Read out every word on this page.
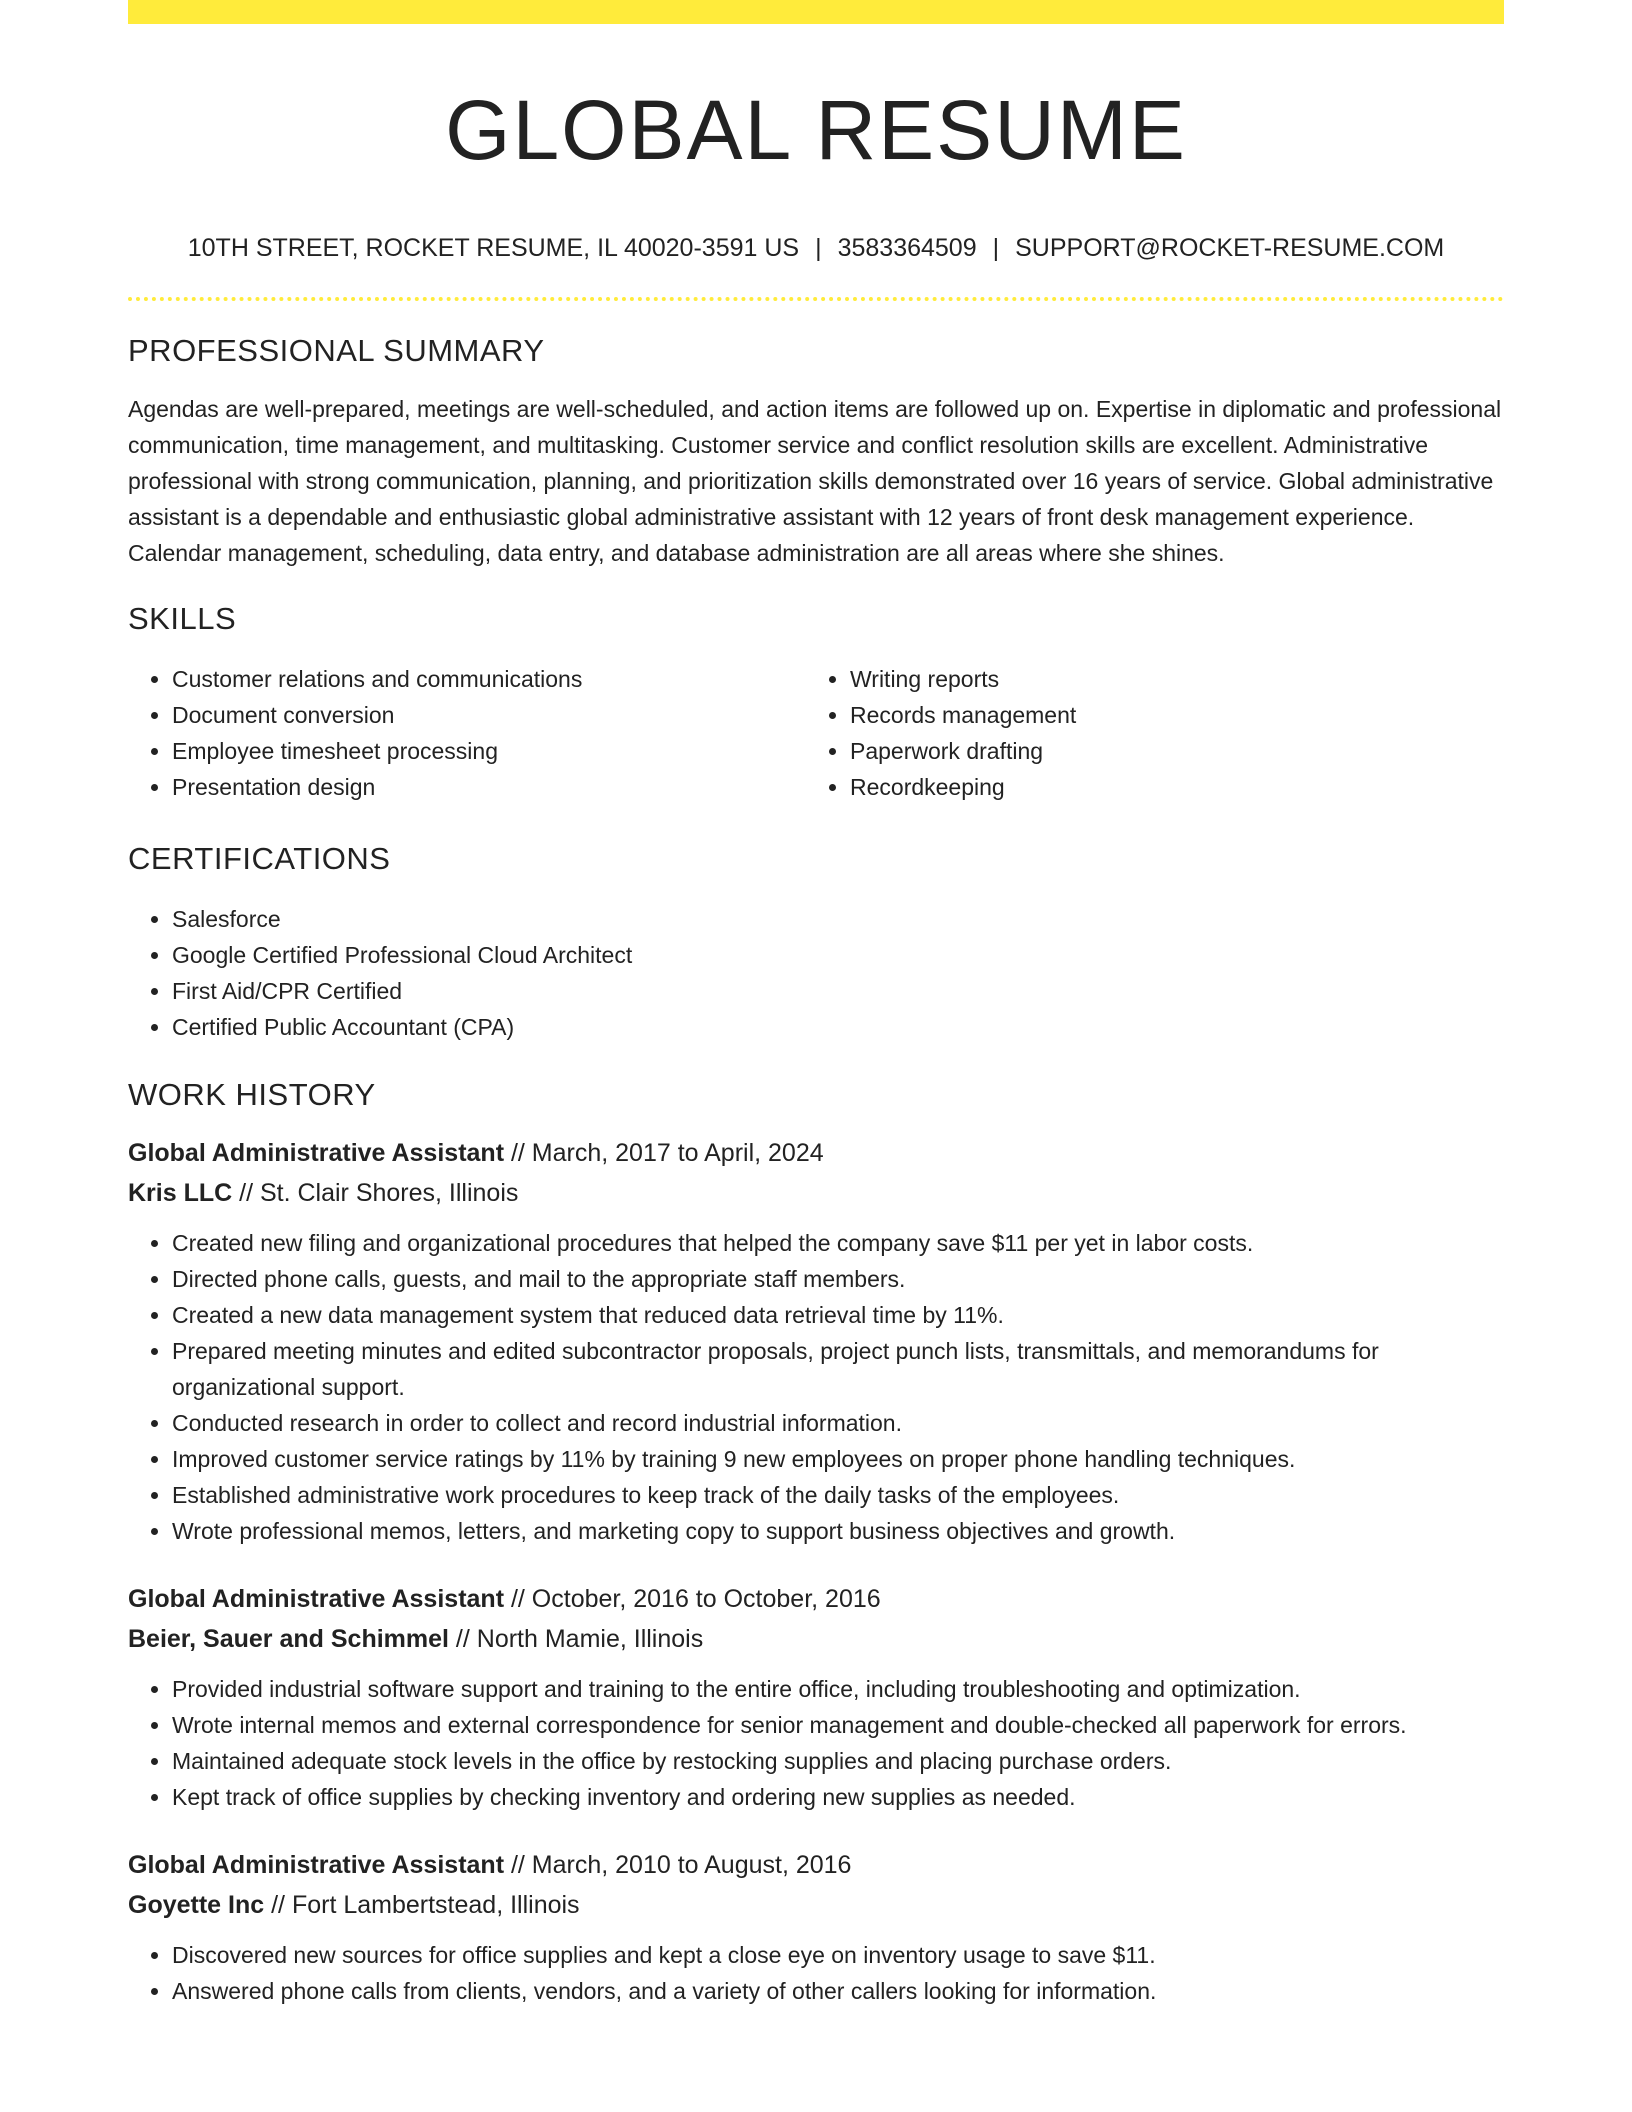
GLOBAL RESUME
10TH STREET, ROCKET RESUME, IL 40020-3591 US | 3583364509 | SUPPORT@ROCKET-RESUME.COM
PROFESSIONAL SUMMARY

Agendas are well-prepared, meetings are well-scheduled, and action items are followed up on. Expertise in diplomatic and professional communication, time management, and multitasking. Customer service and conflict resolution skills are excellent. Administrative professional with strong communication, planning, and prioritization skills demonstrated over 16 years of service. Global administrative assistant is a dependable and enthusiastic global administrative assistant with 12 years of front desk management experience. Calendar management, scheduling, data entry, and database administration are all areas where she shines.

SKILLS
• Customer relations and communications
• Document conversion
• Employee timesheet processing
• Presentation design
• Writing reports
• Records management
• Paperwork drafting
• Recordkeeping
CERTIFICATIONS
• Salesforce
• Google Certified Professional Cloud Architect
• First Aid/CPR Certified
• Certified Public Accountant (CPA)
WORK HISTORY
Global Administrative Assistant // March, 2017 to April, 2024
Kris LLC // St. Clair Shores, Illinois
• Created new filing and organizational procedures that helped the company save $11 per yet in labor costs.
• Directed phone calls, guests, and mail to the appropriate staff members.
• Created a new data management system that reduced data retrieval time by 11%.
• Prepared meeting minutes and edited subcontractor proposals, project punch lists, transmittals, and memorandums for organizational support.
• Conducted research in order to collect and record industrial information.
• Improved customer service ratings by 11% by training 9 new employees on proper phone handling techniques.
• Established administrative work procedures to keep track of the daily tasks of the employees.
• Wrote professional memos, letters, and marketing copy to support business objectives and growth.
Global Administrative Assistant // October, 2016 to October, 2016
Beier, Sauer and Schimmel // North Mamie, Illinois
• Provided industrial software support and training to the entire office, including troubleshooting and optimization.
• Wrote internal memos and external correspondence for senior management and double-checked all paperwork for errors.
• Maintained adequate stock levels in the office by restocking supplies and placing purchase orders.
• Kept track of office supplies by checking inventory and ordering new supplies as needed.
Global Administrative Assistant // March, 2010 to August, 2016
Goyette Inc // Fort Lambertstead, Illinois
• Discovered new sources for office supplies and kept a close eye on inventory usage to save $11.
• Answered phone calls from clients, vendors, and a variety of other callers looking for information.
